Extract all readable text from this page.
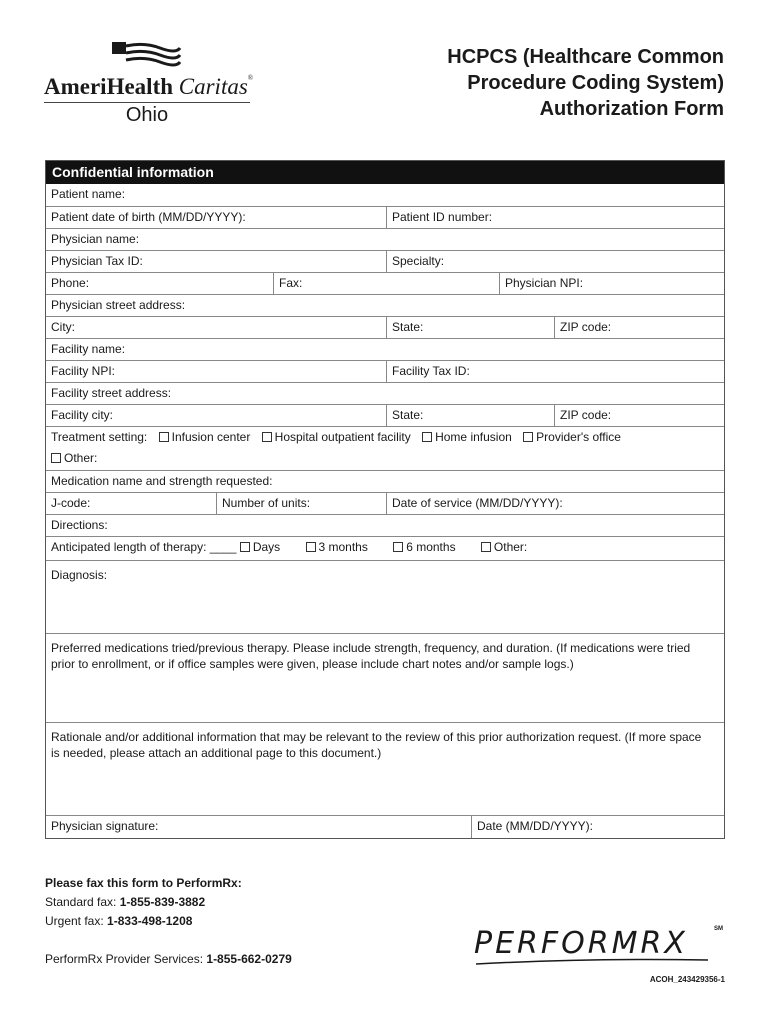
AmeriHealth Caritas®
Ohio
HCPCS (Healthcare Common
Procedure Coding System)
Authorization Form
Confidential information
Patient name:
Patient date of birth (MM/DD/YYYY):	Patient ID number:
Physician name:
Physician Tax ID:	Specialty:
Phone:	Fax:	Physician NPI:
Physician street address:
City:	State:	ZIP code:
Facility name:
Facility NPI:	Facility Tax ID:
Facility street address:
Facility city:	State:	ZIP code:
Treatment setting: Infusion center Hospital outpatient facility Home infusion Provider's office
Other:
Medication name and strength requested:
J-code:	Number of units:	Date of service (MM/DD/YYYY):
Directions:
Anticipated length of therapy: ____ Days	3 months	6 months	Other:
Diagnosis:
Preferred medications tried/previous therapy. Please include strength, frequency, and duration. (If medications were tried prior to enrollment, or if office samples were given, please include chart notes and/or sample logs.)
Rationale and/or additional information that may be relevant to the review of this prior authorization request. (If more space is needed, please attach an additional page to this document.)
Physician signature:	Date (MM/DD/YYYY):
Please fax this form to PerformRx:
Standard fax: 1-855-839-3882
Urgent fax: 1-833-498-1208
PerformRx Provider Services: 1-855-662-0279	PERFORMRX	SM
ACOH_243429356-1
